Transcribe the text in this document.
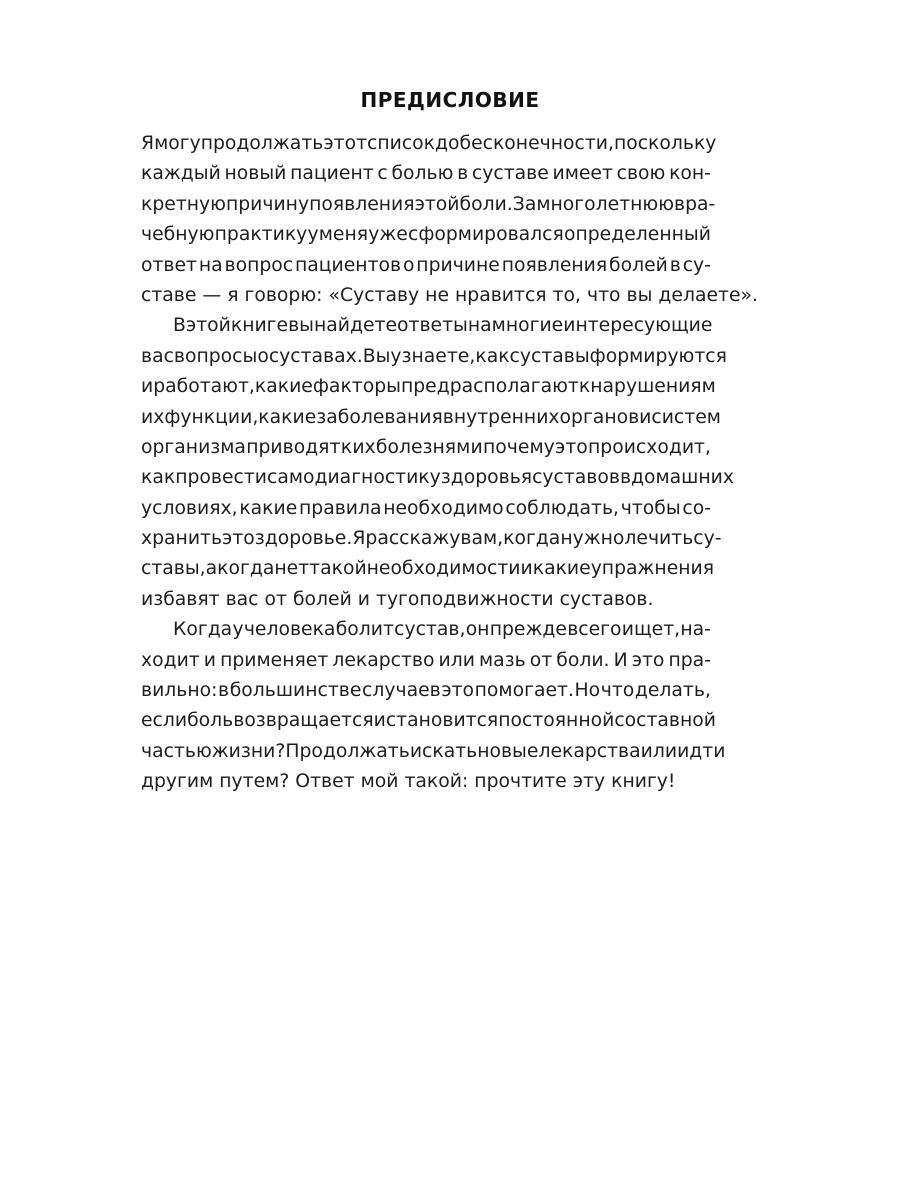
ПРЕДИСЛОВИЕ
Я могу продолжать этот список до бесконечности, поскольку
каждый новый пациент с болью в суставе имеет свою кон-
кретную причину появления этой боли. За многолетнюю вра-
чебную практику у меня уже сформировался определенный
ответ на вопрос пациентов о причине появления болей в су-
ставе — я говорю: «Суставу не нравится то, что вы делаете».
В этой книге вы найдете ответы на многие интересующие
вас вопросы о суставах. Вы узнаете, как суставы формируются
и работают, какие факторы предрасполагают к нарушениям
их функции, какие заболевания внутренних органов и систем
организма приводят к их болезням и почему это происходит,
как провести самодиагностику здоровья суставов в домашних
условиях, какие правила необходимо соблюдать, чтобы со-
хранить это здоровье. Я расскажу вам, когда нужно лечить су-
ставы, а когда нет такой необходимости и какие упражнения
избавят вас от болей и тугоподвижности суставов.
Когда у человека болит сустав, он прежде всего ищет, на-
ходит и применяет лекарство или мазь от боли. И это пра-
вильно: в большинстве случаев это помогает. Но что делать,
если боль возвращается и становится постоянной составной
частью жизни? Продолжать искать новые лекарства или идти
другим путем? Ответ мой такой: прочтите эту книгу!
